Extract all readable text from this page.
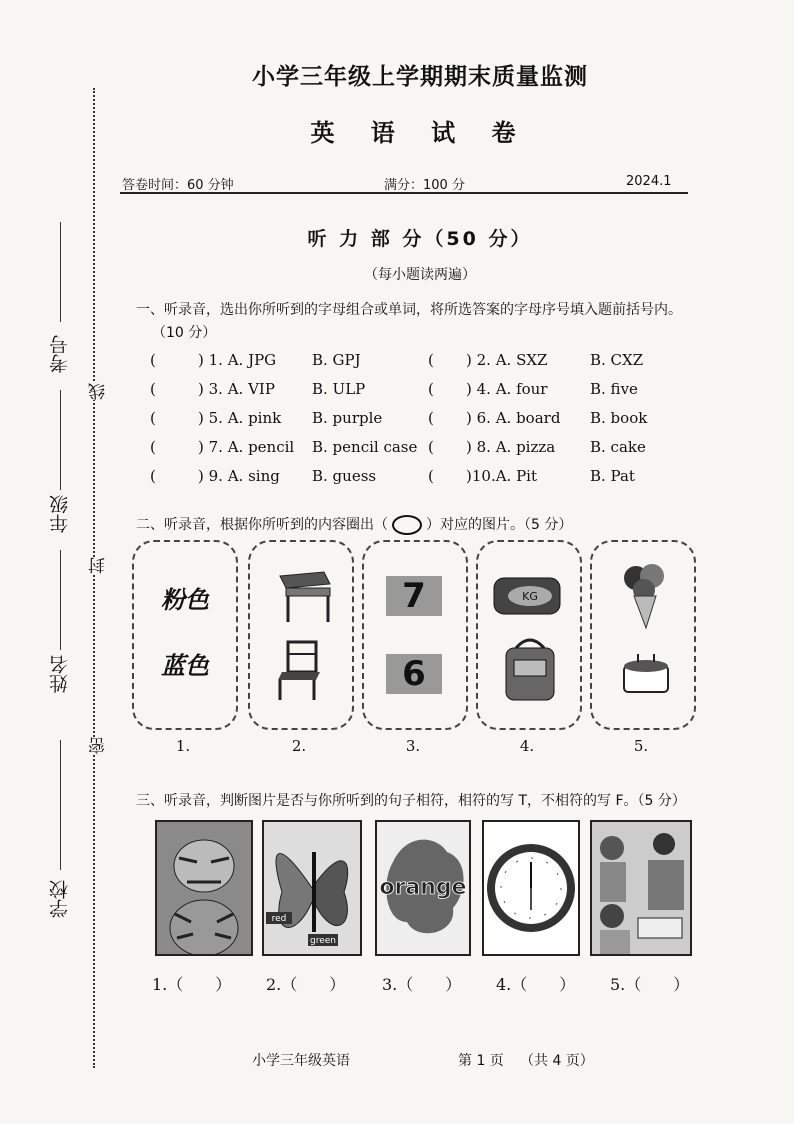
考号
年级
姓名
学校
线
封
密
小学三年级上学期期末质量监测
英 语 试 卷
答卷时间：60 分钟	满分：100 分	2024.1
听 力 部 分（50 分）
（每小题读两遍）
一、听录音，选出你所听到的字母组合或单词，将所选答案的字母序号填入题前括号内。
（10 分）
(	) 1. A. JPG B. GPJ	( ) 2. A. SXZ	B. CXZ
(	) 3. A. VIP B. ULP	( ) 4. A. four	B. five
(	) 5. A. pink B. purple	( ) 6. A. board B. book
(	) 7. A. pencil B. pencil case ( ) 8. A. pizza B. cake
(	) 9. A. sing B. guess	( )10.A. Pit	B. Pat
二、听录音，根据你所听到的内容圈出（	）对应的图片。（5 分）
粉色
蓝色
7
6
KG
1.	2.	3.	4.	5.
三、听录音，判断图片是否与你所听到的句子相符，相符的写 T，不相符的写 F。（5 分）
red
green
orange
1.（　　） 2.（　　） 3.（　　） 4.（　　） 5.（　　）
小学三年级英语	第 1 页 （共 4 页）
